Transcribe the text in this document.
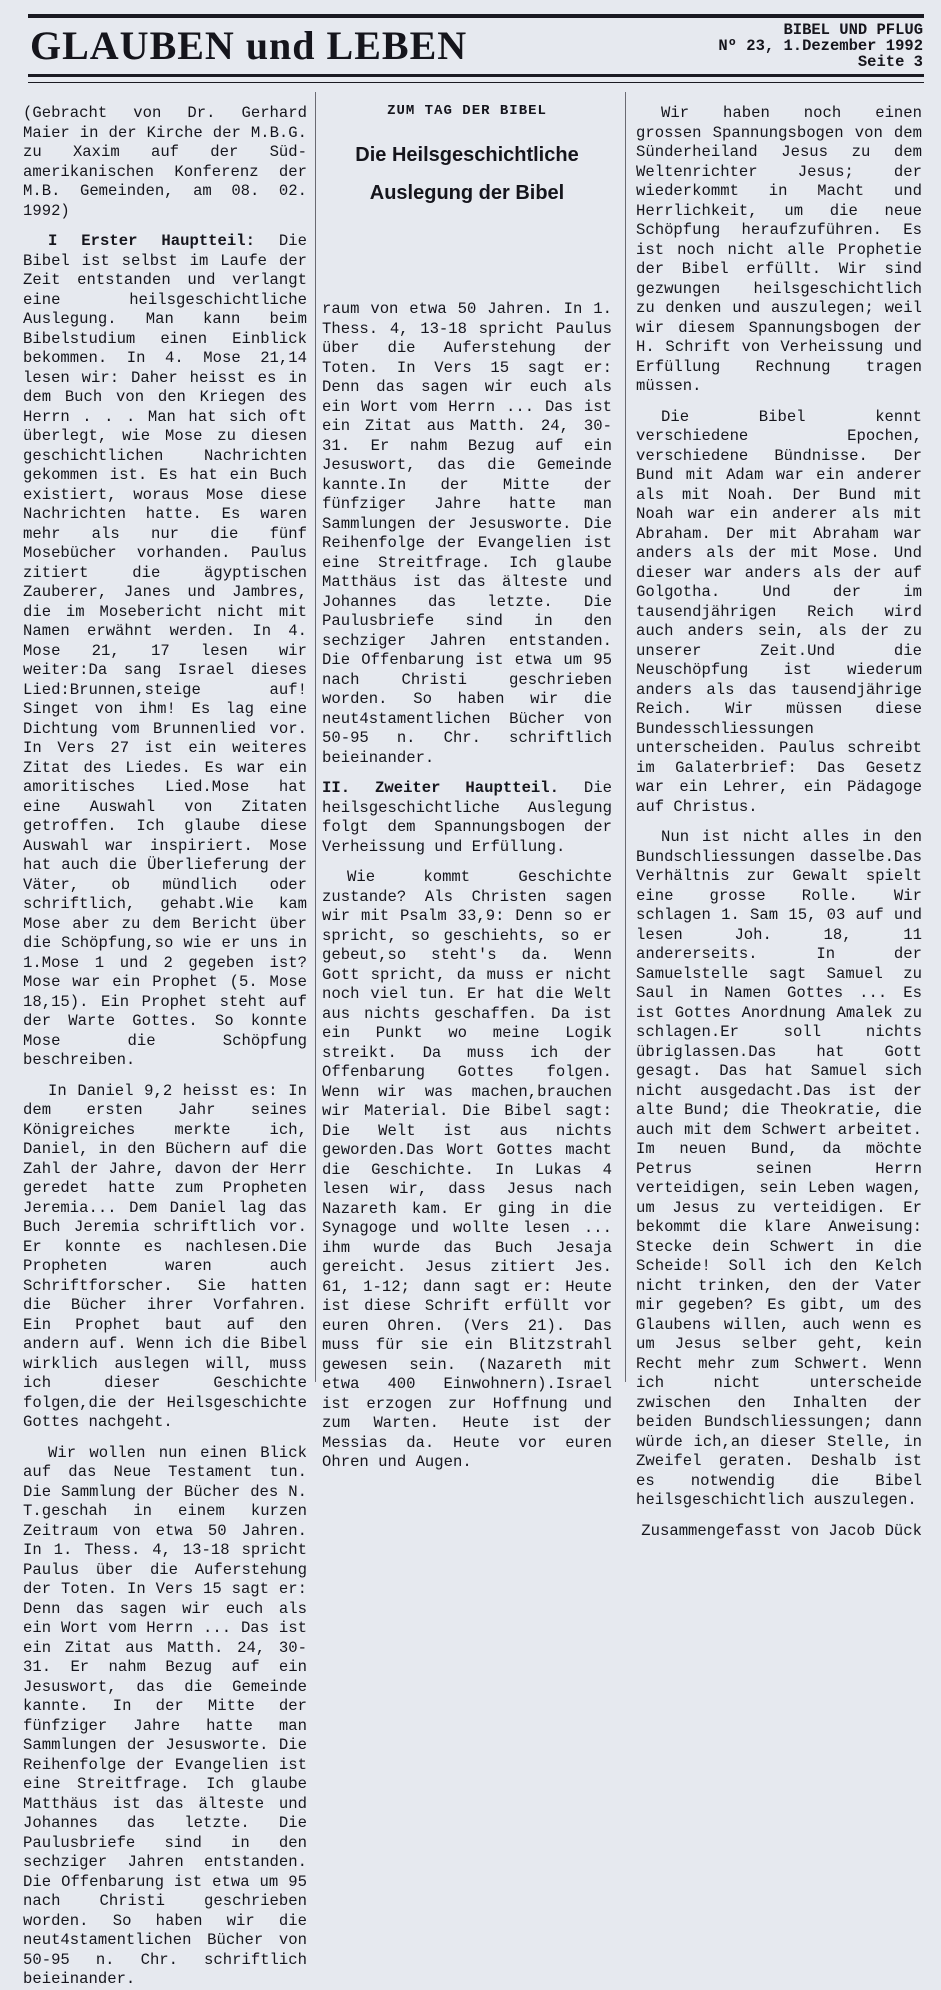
GLAUBEN und LEBEN	BIBEL UND PFLUG
Nº 23, 1.Dezember 1992
Seite 3

(Gebracht von Dr. Gerhard Maier in der Kirche der M.B.G. zu Xaxim auf der Süd-amerikanischen Konferenz der M.B. Gemeinden, am 08. 02. 1992)

I Erster Hauptteil: Die Bibel ist selbst im Laufe der Zeit entstanden und verlangt eine heilsgeschichtliche Auslegung. Man kann beim Bibelstudium einen Einblick bekommen. In 4. Mose 21,14 lesen wir: Daher heisst es in dem Buch von den Kriegen des Herrn . . . Man hat sich oft überlegt, wie Mose zu diesen geschichtlichen Nachrichten gekommen ist. Es hat ein Buch existiert, woraus Mose diese Nachrichten hatte. Es waren mehr als nur die fünf Mosebücher vorhanden. Paulus zitiert die ägyptischen Zauberer, Janes und Jambres, die im Mosebericht nicht mit Namen erwähnt werden. In 4. Mose 21, 17 lesen wir weiter:Da sang Israel dieses Lied:Brunnen,steige auf! Singet von ihm! Es lag eine Dichtung vom Brunnenlied vor. In Vers 27 ist ein weiteres Zitat des Liedes. Es war ein amoritisches Lied.Mose hat eine Auswahl von Zitaten getroffen. Ich glaube diese Auswahl war inspiriert. Mose hat auch die Überlieferung der Väter, ob mündlich oder schriftlich, gehabt.Wie kam Mose aber zu dem Bericht über die Schöpfung,so wie er uns in 1.Mose 1 und 2 gegeben ist?Mose war ein Prophet (5. Mose 18,15). Ein Prophet steht auf der Warte Gottes. So konnte Mose die Schöpfung beschreiben.

In Daniel 9,2 heisst es: In dem ersten Jahr seines Königreiches merkte ich, Daniel, in den Büchern auf die Zahl der Jahre, davon der Herr geredet hatte zum Propheten Jeremia... Dem Daniel lag das Buch Jeremia schriftlich vor. Er konnte es nachlesen.Die Propheten waren auch Schriftforscher. Sie hatten die Bücher ihrer Vorfahren. Ein Prophet baut auf den andern auf. Wenn ich die Bibel wirklich auslegen will, muss ich dieser Geschichte folgen,die der Heilsgeschichte Gottes nachgeht.

Wir wollen nun einen Blick auf das Neue Testament tun. Die Sammlung der Bücher des N. T.geschah in einem kurzen Zeitraum von etwa 50 Jahren. In 1. Thess. 4, 13-18 spricht Paulus über die Auferstehung der Toten. In Vers 15 sagt er: Denn das sagen wir euch als ein Wort vom Herrn ... Das ist ein Zitat aus Matth. 24, 30-31. Er nahm Bezug auf ein Jesuswort, das die Gemeinde kannte. In der Mitte der fünfziger Jahre hatte man Sammlungen der Jesusworte. Die Reihenfolge der Evangelien ist eine Streitfrage. Ich glaube Matthäus ist das älteste und Johannes das letzte. Die Paulusbriefe sind in den sechziger Jahren entstanden. Die Offenbarung ist etwa um 95 nach Christi geschrieben worden. So haben wir die neut4stamentlichen Bücher von 50-95 n. Chr. schriftlich beieinander.

ZUM TAG DER BIBEL
Die Heilsgeschichtliche Auslegung der Bibel

raum von etwa 50 Jahren. In 1. Thess. 4, 13-18 spricht Paulus über die Auferstehung der Toten. In Vers 15 sagt er: Denn das sagen wir euch als ein Wort vom Herrn ... Das ist ein Zitat aus Matth. 24, 30-31. Er nahm Bezug auf ein Jesuswort, das die Gemeinde kannte.In der Mitte der fünfziger Jahre hatte man Sammlungen der Jesusworte. Die Reihenfolge der Evangelien ist eine Streitfrage. Ich glaube Matthäus ist das älteste und Johannes das letzte. Die Paulusbriefe sind in den sechziger Jahren entstanden. Die Offenbarung ist etwa um 95 nach Christi geschrieben worden. So haben wir die neut4stamentlichen Bücher von 50-95 n. Chr. schriftlich beieinander.

II. Zweiter Hauptteil. Die heilsgeschichtliche Auslegung folgt dem Spannungsbogen der Verheissung und Erfüllung.

Wie kommt Geschichte zustande? Als Christen sagen wir mit Psalm 33,9: Denn so er spricht, so geschiehts, so er gebeut,so steht's da. Wenn Gott spricht, da muss er nicht noch viel tun. Er hat die Welt aus nichts geschaffen. Da ist ein Punkt wo meine Logik streikt. Da muss ich der Offenbarung Gottes folgen. Wenn wir was machen,brauchen wir Material. Die Bibel sagt: Die Welt ist aus nichts geworden.Das Wort Gottes macht die Geschichte. In Lukas 4 lesen wir, dass Jesus nach Nazareth kam. Er ging in die Synagoge und wollte lesen ... ihm wurde das Buch Jesaja gereicht. Jesus zitiert Jes. 61, 1-12; dann sagt er: Heute ist diese Schrift erfüllt vor euren Ohren. (Vers 21). Das muss für sie ein Blitzstrahl gewesen sein. (Nazareth mit etwa 400 Einwohnern).Israel ist erzogen zur Hoffnung und zum Warten. Heute ist der Messias da. Heute vor euren Ohren und Augen.

Wir haben noch einen grossen Spannungsbogen von dem Sünderheiland Jesus zu dem Weltenrichter Jesus; der wiederkommt in Macht und Herrlichkeit, um die neue Schöpfung heraufzuführen. Es ist noch nicht alle Prophetie der Bibel erfüllt. Wir sind gezwungen heilsgeschichtlich zu denken und auszulegen; weil wir diesem Spannungsbogen der H. Schrift von Verheissung und Erfüllung Rechnung tragen müssen.

Die Bibel kennt verschiedene Epochen, verschiedene Bündnisse. Der Bund mit Adam war ein anderer als mit Noah. Der Bund mit Noah war ein anderer als mit Abraham. Der mit Abraham war anders als der mit Mose. Und dieser war anders als der auf Golgotha. Und der im tausendjährigen Reich wird auch anders sein, als der zu unserer Zeit.Und die Neuschöpfung ist wiederum anders als das tausendjährige Reich. Wir müssen diese Bundesschliessungen unterscheiden. Paulus schreibt im Galaterbrief: Das Gesetz war ein Lehrer, ein Pädagoge auf Christus.

Nun ist nicht alles in den Bundschliessungen dasselbe.Das Verhältnis zur Gewalt spielt eine grosse Rolle. Wir schlagen 1. Sam 15, 03 auf und lesen Joh. 18, 11 andererseits. In der Samuelstelle sagt Samuel zu Saul in Namen Gottes ... Es ist Gottes Anordnung Amalek zu schlagen.Er soll nichts übriglassen.Das hat Gott gesagt. Das hat Samuel sich nicht ausgedacht.Das ist der alte Bund; die Theokratie, die auch mit dem Schwert arbeitet. Im neuen Bund, da möchte Petrus seinen Herrn verteidigen, sein Leben wagen, um Jesus zu verteidigen. Er bekommt die klare Anweisung: Stecke dein Schwert in die Scheide! Soll ich den Kelch nicht trinken, den der Vater mir gegeben? Es gibt, um des Glaubens willen, auch wenn es um Jesus selber geht, kein Recht mehr zum Schwert. Wenn ich nicht unterscheide zwischen den Inhalten der beiden Bundschliessungen; dann würde ich,an dieser Stelle, in Zweifel geraten. Deshalb ist es notwendig die Bibel heilsgeschichtlich auszulegen.

Zusammengefasst von Jacob Dück
